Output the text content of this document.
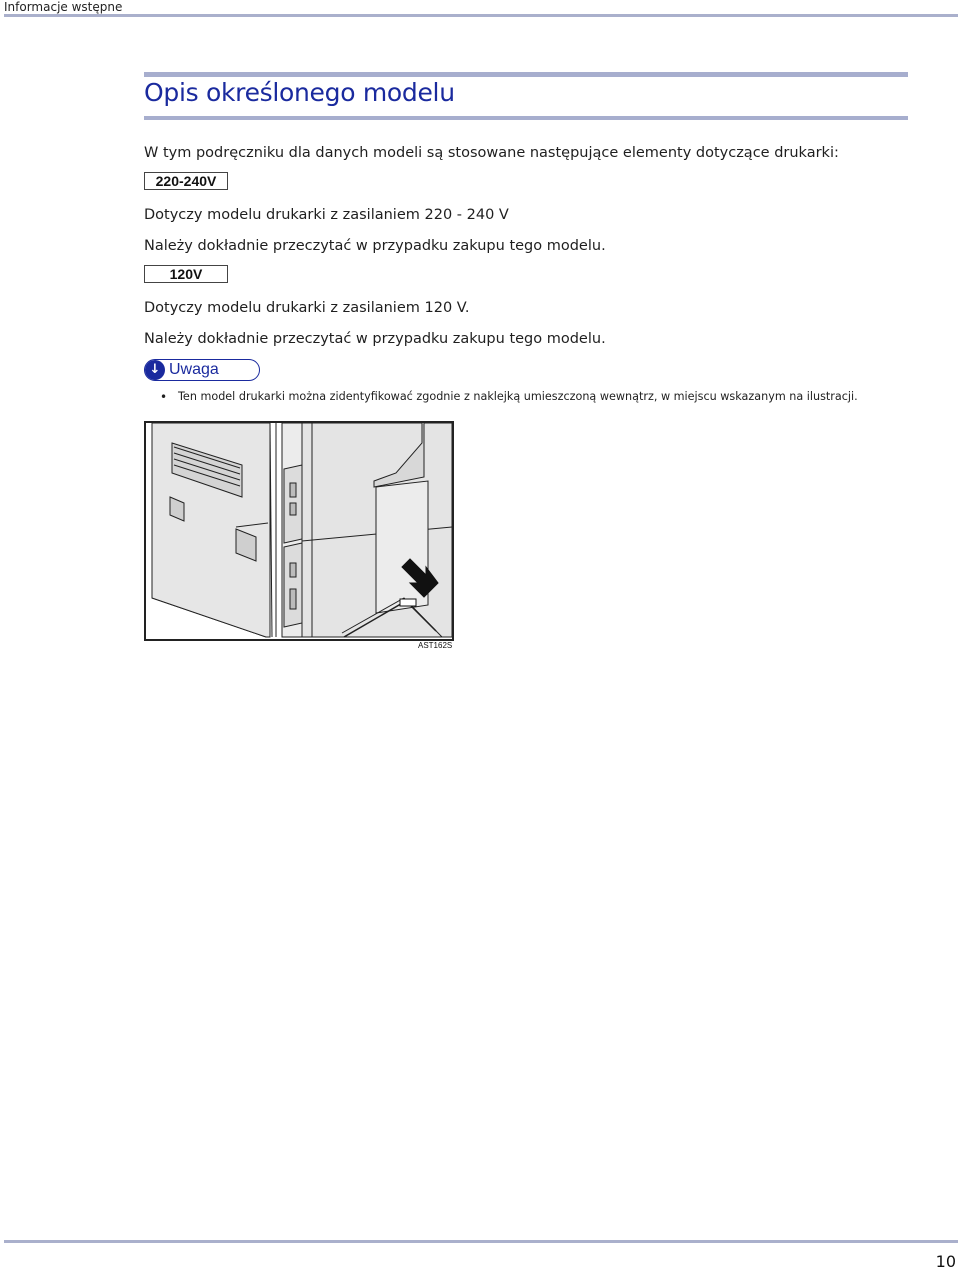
Informacje wstępne
Opis określonego modelu
W tym podręczniku dla danych modeli są stosowane następujące elementy dotyczące drukarki:
220-240V
Dotyczy modelu drukarki z zasilaniem 220 - 240 V
Należy dokładnie przeczytać w przypadku zakupu tego modelu.
120V
Dotyczy modelu drukarki z zasilaniem 120 V.
Należy dokładnie przeczytać w przypadku zakupu tego modelu.
↓ Uwaga
• Ten model drukarki można zidentyfikować zgodnie z naklejką umieszczoną wewnątrz, w miejscu wskazanym na ilustracji.
AST162S
10
